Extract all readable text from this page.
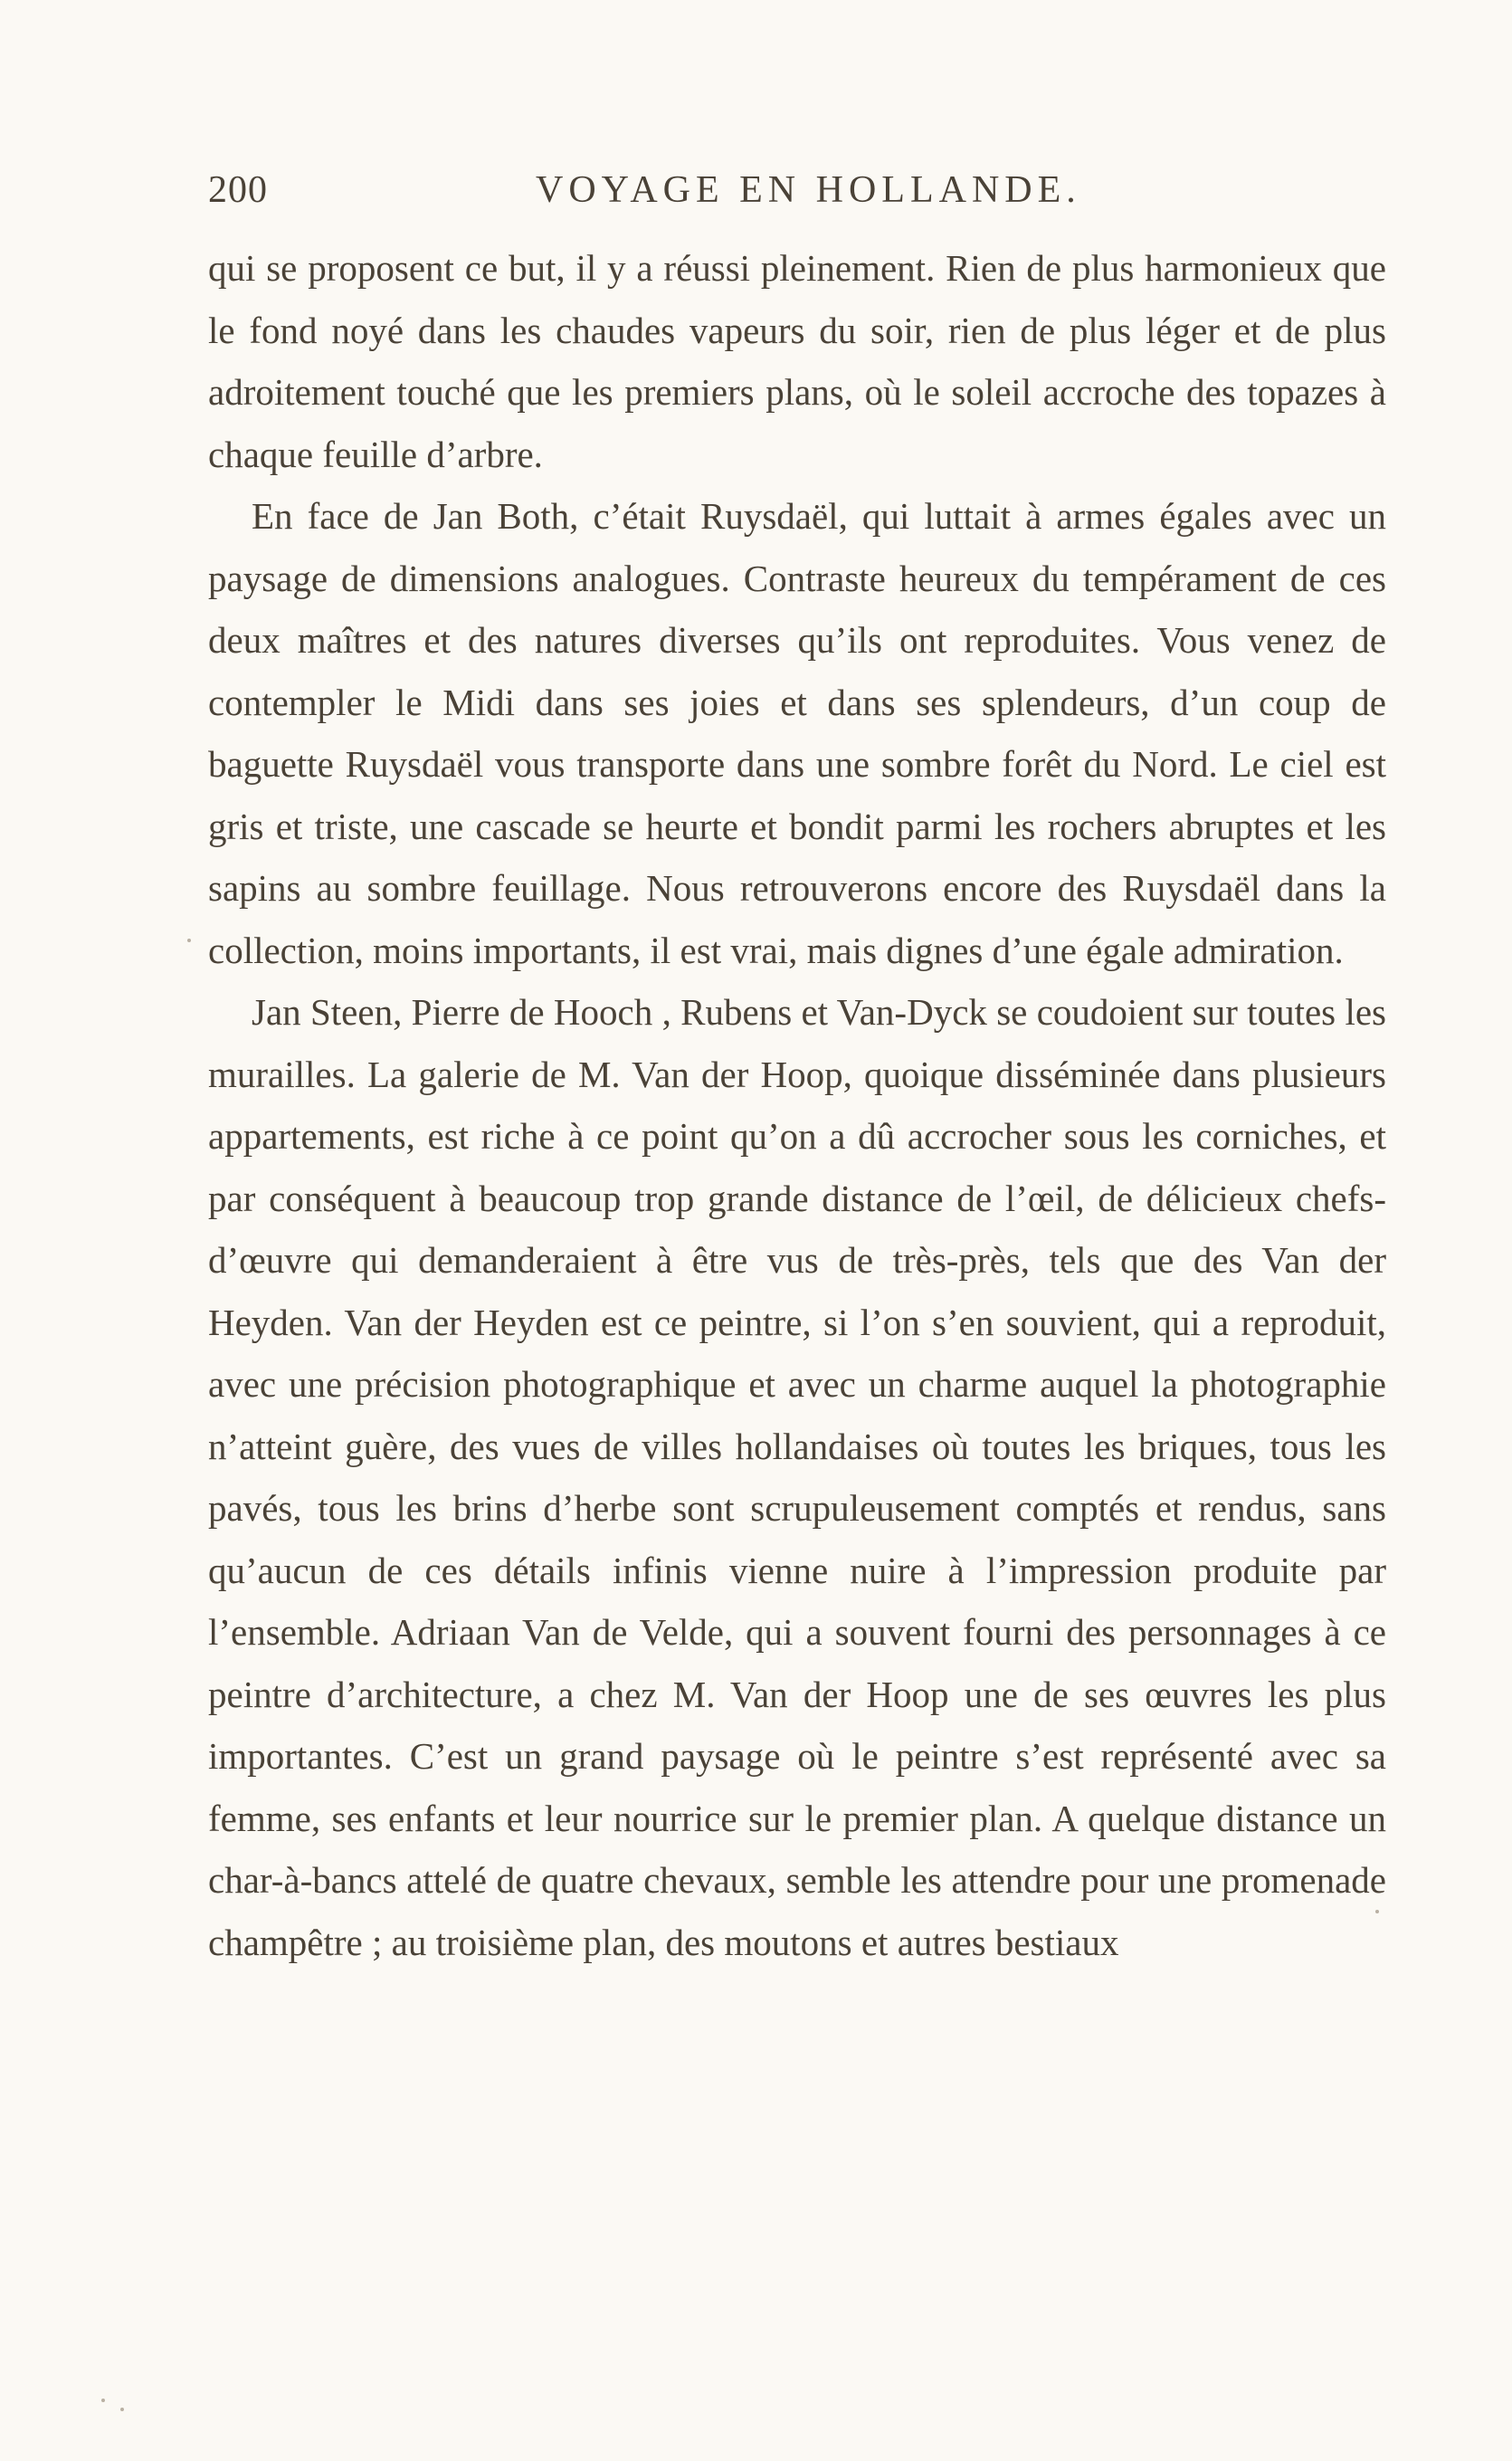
200	VOYAGE EN HOLLANDE.

qui se proposent ce but, il y a réussi pleinement. Rien de plus harmonieux que le fond noyé dans les chaudes vapeurs du soir, rien de plus léger et de plus adroitement touché que les premiers plans, où le soleil accroche des topazes à chaque feuille d’arbre.

En face de Jan Both, c’était Ruysdaël, qui luttait à armes égales avec un paysage de dimensions analogues. Contraste heureux du tempérament de ces deux maîtres et des natures diverses qu’ils ont reproduites. Vous venez de contempler le Midi dans ses joies et dans ses splendeurs, d’un coup de baguette Ruysdaël vous transporte dans une sombre forêt du Nord. Le ciel est gris et triste, une cascade se heurte et bondit parmi les rochers abruptes et les sapins au sombre feuillage. Nous retrouverons encore des Ruysdaël dans la collection, moins importants, il est vrai, mais dignes d’une égale admiration.

Jan Steen, Pierre de Hooch , Rubens et Van-Dyck se coudoient sur toutes les murailles. La galerie de M. Van der Hoop, quoique disséminée dans plusieurs appartements, est riche à ce point qu’on a dû accrocher sous les corniches, et par conséquent à beaucoup trop grande distance de l’œil, de délicieux chefs-d’œuvre qui demanderaient à être vus de très-près, tels que des Van der Heyden. Van der Heyden est ce peintre, si l’on s’en souvient, qui a reproduit, avec une précision photographique et avec un charme auquel la photographie n’atteint guère, des vues de villes hollandaises où toutes les briques, tous les pavés, tous les brins d’herbe sont scrupuleusement comptés et rendus, sans qu’aucun de ces détails infinis vienne nuire à l’impression produite par l’ensemble. Adriaan Van de Velde, qui a souvent fourni des personnages à ce peintre d’architecture, a chez M. Van der Hoop une de ses œuvres les plus importantes. C’est un grand paysage où le peintre s’est représenté avec sa femme, ses enfants et leur nourrice sur le premier plan. A quelque distance un char-à-bancs attelé de quatre chevaux, semble les attendre pour une promenade champêtre ; au troisième plan, des moutons et autres bestiaux
